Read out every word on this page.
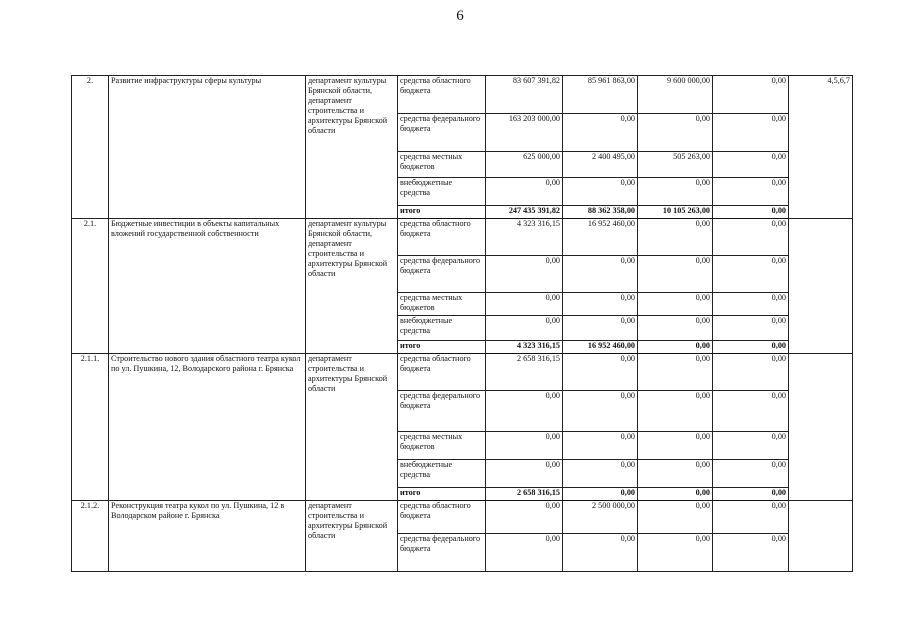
6
2.	Развитие инфраструктуры сферы культуры	департамент культуры Брянской области, департамент строительства и архитектуры Брянской области	средства областного бюджета	83 607 391,82	85 961 863,00	9 600 000,00	0,00	4,5,6,7
			средства федерального бюджета	163 203 000,00	0,00	0,00	0,00	
			средства местных бюджетов	625 000,00	2 400 495,00	505 263,00	0,00	
			внебюджетные средства	0,00	0,00	0,00	0,00	
			итого	247 435 391,82	88 362 358,00	10 105 263,00	0,00	
2.1.	Бюджетные инвестиции в объекты капитальных вложений государственной собственности	департамент культуры Брянской области, департамент строительства и архитектуры Брянской области	средства областного бюджета	4 323 316,15	16 952 460,00	0,00	0,00	
			средства федерального бюджета	0,00	0,00	0,00	0,00	
			средства местных бюджетов	0,00	0,00	0,00	0,00	
			внебюджетные средства	0,00	0,00	0,00	0,00	
			итого	4 323 316,15	16 952 460,00	0,00	0,00	
2.1.1.	Строительство нового здания областного театра кукол по ул. Пушкина, 12, Володарского района г. Брянска	департамент строительства и архитектуры Брянской области	средства областного бюджета	2 658 316,15	0,00	0,00	0,00	
			средства федерального бюджета	0,00	0,00	0,00	0,00	
			средства местных бюджетов	0,00	0,00	0,00	0,00	
			внебюджетные средства	0,00	0,00	0,00	0,00	
			итого	2 658 316,15	0,00	0,00	0,00	
2.1.2.	Реконструкция театра кукол по ул. Пушкина, 12 в Володарском районе г. Брянска	департамент строительства и архитектуры Брянской области	средства областного бюджета	0,00	2 500 000,00	0,00	0,00	
			средства федерального бюджета	0,00	0,00	0,00	0,00	
